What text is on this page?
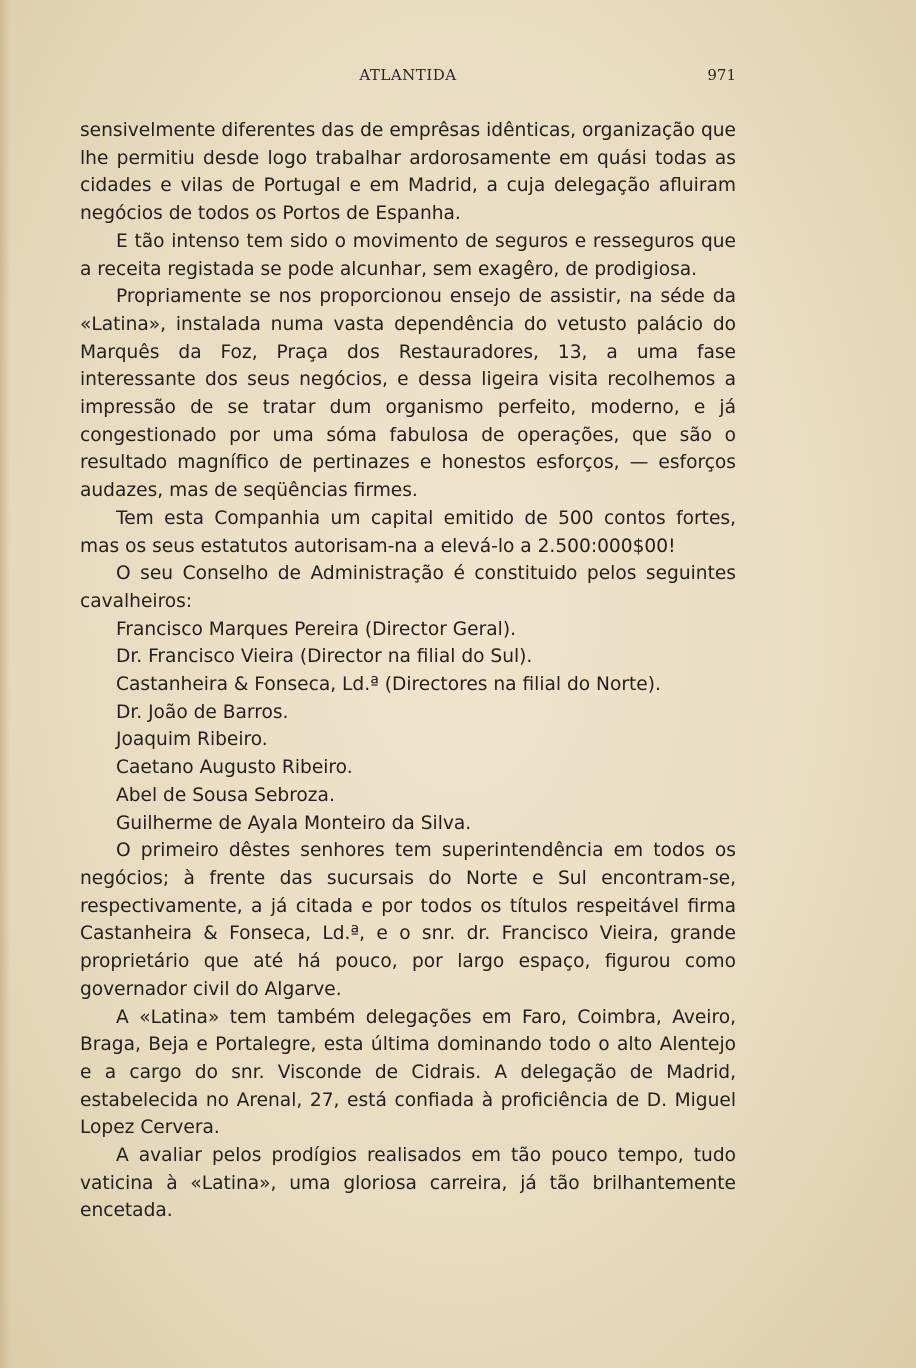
ATLANTIDA	971

sensivelmente diferentes das de emprêsas idênticas, organização que lhe permitiu desde logo trabalhar ardorosamente em quási todas as cidades e vilas de Portugal e em Madrid, a cuja delegação afluiram negócios de todos os Portos de Espanha.

E tão intenso tem sido o movimento de seguros e resseguros que a receita registada se pode alcunhar, sem exagêro, de prodigiosa.

Propriamente se nos proporcionou ensejo de assistir, na séde da «Latina», instalada numa vasta dependência do vetusto palácio do Marquês da Foz, Praça dos Restauradores, 13, a uma fase interessante dos seus negócios, e dessa ligeira visita recolhemos a impressão de se tratar dum organismo perfeito, moderno, e já congestionado por uma sóma fabulosa de operações, que são o resultado magnífico de pertinazes e honestos esforços, — esforços audazes, mas de seqüências firmes.

Tem esta Companhia um capital emitido de 500 contos fortes, mas os seus estatutos autorisam-na a elevá-lo a 2.500:000$00!

O seu Conselho de Administração é constituido pelos seguintes cavalheiros:

Francisco Marques Pereira (Director Geral).
Dr. Francisco Vieira (Director na filial do Sul).
Castanheira & Fonseca, Ld.ª (Directores na filial do Norte).
Dr. João de Barros.
Joaquim Ribeiro.
Caetano Augusto Ribeiro.
Abel de Sousa Sebroza.
Guilherme de Ayala Monteiro da Silva.

O primeiro dêstes senhores tem superintendência em todos os negócios; à frente das sucursais do Norte e Sul encontram-se, respectivamente, a já citada e por todos os títulos respeitável firma Castanheira & Fonseca, Ld.ª, e o snr. dr. Francisco Vieira, grande proprietário que até há pouco, por largo espaço, figurou como governador civil do Algarve.

A «Latina» tem também delegações em Faro, Coimbra, Aveiro, Braga, Beja e Portalegre, esta última dominando todo o alto Alentejo e a cargo do snr. Visconde de Cidrais. A delegação de Madrid, estabelecida no Arenal, 27, está confiada à proficiência de D. Miguel Lopez Cervera.

A avaliar pelos prodígios realisados em tão pouco tempo, tudo vaticina à «Latina», uma gloriosa carreira, já tão brilhantemente encetada.
